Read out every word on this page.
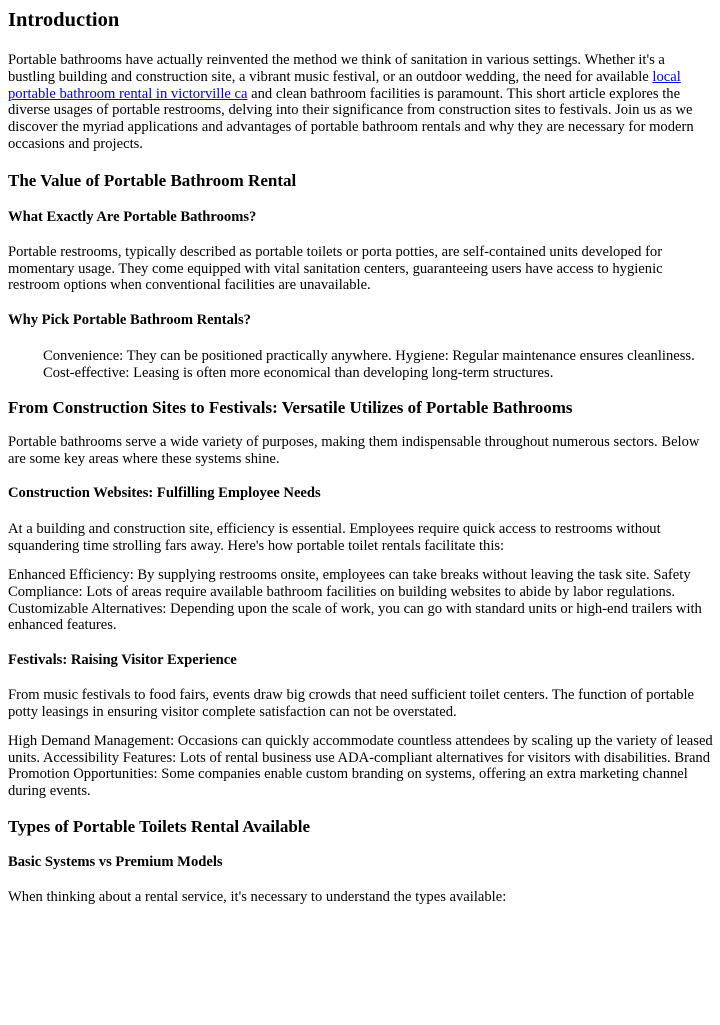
Introduction

Portable bathrooms have actually reinvented the method we think of sanitation in various settings. Whether it's a bustling building and construction site, a vibrant music festival, or an outdoor wedding, the need for available local portable bathroom rental in victorville ca and clean bathroom facilities is paramount. This short article explores the diverse usages of portable restrooms, delving into their significance from construction sites to festivals. Join us as we discover the myriad applications and advantages of portable bathroom rentals and why they are necessary for modern occasions and projects.

The Value of Portable Bathroom Rental
What Exactly Are Portable Bathrooms?

Portable restrooms, typically described as portable toilets or porta potties, are self-contained units developed for momentary usage. They come equipped with vital sanitation centers, guaranteeing users have access to hygienic restroom options when conventional facilities are unavailable.

Why Pick Portable Bathroom Rentals?

Convenience: They can be positioned practically anywhere. Hygiene: Regular maintenance ensures cleanliness. Cost-effective: Leasing is often more economical than developing long-term structures.

From Construction Sites to Festivals: Versatile Utilizes of Portable Bathrooms

Portable bathrooms serve a wide variety of purposes, making them indispensable throughout numerous sectors. Below are some key areas where these systems shine.

Construction Websites: Fulfilling Employee Needs

At a building and construction site, efficiency is essential. Employees require quick access to restrooms without squandering time strolling fars away. Here's how portable toilet rentals facilitate this:

Enhanced Efficiency: By supplying restrooms onsite, employees can take breaks without leaving the task site. Safety Compliance: Lots of areas require available bathroom facilities on building websites to abide by labor regulations. Customizable Alternatives: Depending upon the scale of work, you can go with standard units or high-end trailers with enhanced features.

Festivals: Raising Visitor Experience

From music festivals to food fairs, events draw big crowds that need sufficient toilet centers. The function of portable potty leasings in ensuring visitor complete satisfaction can not be overstated.

High Demand Management: Occasions can quickly accommodate countless attendees by scaling up the variety of leased units. Accessibility Features: Lots of rental business use ADA-compliant alternatives for visitors with disabilities. Brand Promotion Opportunities: Some companies enable custom branding on systems, offering an extra marketing channel during events.

Types of Portable Toilets Rental Available
Basic Systems vs Premium Models

When thinking about a rental service, it's necessary to understand the types available:
